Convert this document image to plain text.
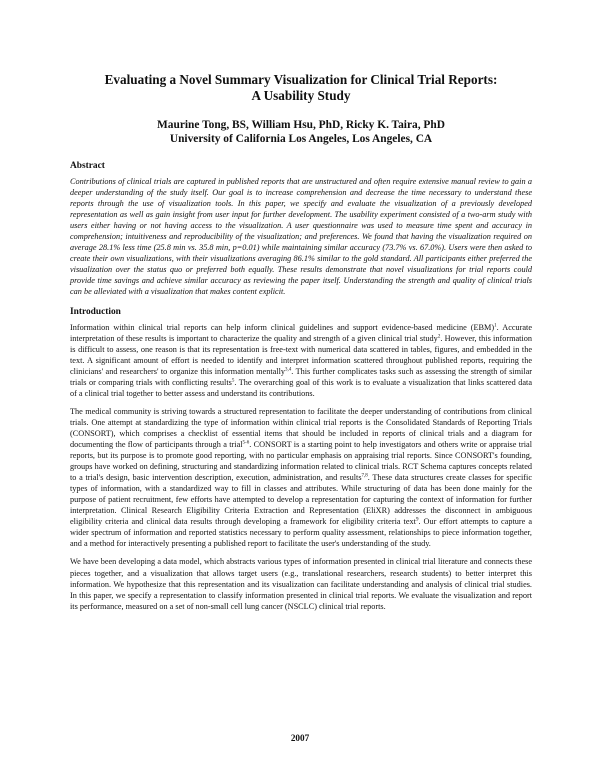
Evaluating a Novel Summary Visualization for Clinical Trial Reports:
A Usability Study
Maurine Tong, BS, William Hsu, PhD, Ricky K. Taira, PhD
University of California Los Angeles, Los Angeles, CA
Abstract
Contributions of clinical trials are captured in published reports that are unstructured and often require extensive manual review to gain a deeper understanding of the study itself. Our goal is to increase comprehension and decrease the time necessary to understand these reports through the use of visualization tools. In this paper, we specify and evaluate the visualization of a previously developed representation as well as gain insight from user input for further development. The usability experiment consisted of a two-arm study with users either having or not having access to the visualization. A user questionnaire was used to measure time spent and accuracy in comprehension; intuitiveness and reproducibility of the visualization; and preferences. We found that having the visualization required on average 28.1% less time (25.8 min vs. 35.8 min, p=0.01) while maintaining similar accuracy (73.7% vs. 67.0%). Users were then asked to create their own visualizations, with their visualizations averaging 86.1% similar to the gold standard. All participants either preferred the visualization over the status quo or preferred both equally. These results demonstrate that novel visualizations for trial reports could provide time savings and achieve similar accuracy as reviewing the paper itself. Understanding the strength and quality of clinical trials can be alleviated with a visualization that makes content explicit.
Introduction

Information within clinical trial reports can help inform clinical guidelines and support evidence-based medicine (EBM)$^1$. Accurate interpretation of these results is important to characterize the quality and strength of a given clinical trial study$^2$. However, this information is difficult to assess, one reason is that its representation is free-text with numerical data scattered in tables, figures, and embedded in the text. A significant amount of effort is needed to identify and interpret information scattered throughout published reports, requiring the clinicians' and researchers' to organize this information mentally$^{3,4}$. This further complicates tasks such as assessing the strength of similar trials or comparing trials with conflicting results$^5$. The overarching goal of this work is to evaluate a visualization that links scattered data of a clinical trial together to better assess and understand its contributions.

The medical community is striving towards a structured representation to facilitate the deeper understanding of contributions from clinical trials. One attempt at standardizing the type of information within clinical trial reports is the Consolidated Standards of Reporting Trials (CONSORT), which comprises a checklist of essential items that should be included in reports of clinical trials and a diagram for documenting the flow of participants through a trial$^{5-6}$. CONSORT is a starting point to help investigators and others write or appraise trial reports, but its purpose is to promote good reporting, with no particular emphasis on appraising trial reports. Since CONSORT's founding, groups have worked on defining, structuring and standardizing information related to clinical trials. RCT Schema captures concepts related to a trial's design, basic intervention description, execution, administration, and results$^{7,8}$. These data structures create classes for specific types of information, with a standardized way to fill in classes and attributes. While structuring of data has been done mainly for the purpose of patient recruitment, few efforts have attempted to develop a representation for capturing the context of information for further interpretation. Clinical Research Eligibility Criteria Extraction and Representation (EliXR) addresses the disconnect in ambiguous eligibility criteria and clinical data results through developing a framework for eligibility criteria text$^9$. Our effort attempts to capture a wider spectrum of information and reported statistics necessary to perform quality assessment, relationships to piece information together, and a method for interactively presenting a published report to facilitate the user's understanding of the study.

We have been developing a data model, which abstracts various types of information presented in clinical trial literature and connects these pieces together, and a visualization that allows target users (e.g., translational researchers, research students) to better interpret this information. We hypothesize that this representation and its visualization can facilitate understanding and analysis of clinical trial studies. In this paper, we specify a representation to classify information presented in clinical trial reports. We evaluate the visualization and report its performance, measured on a set of non-small cell lung cancer (NSCLC) clinical trial reports.

2007
